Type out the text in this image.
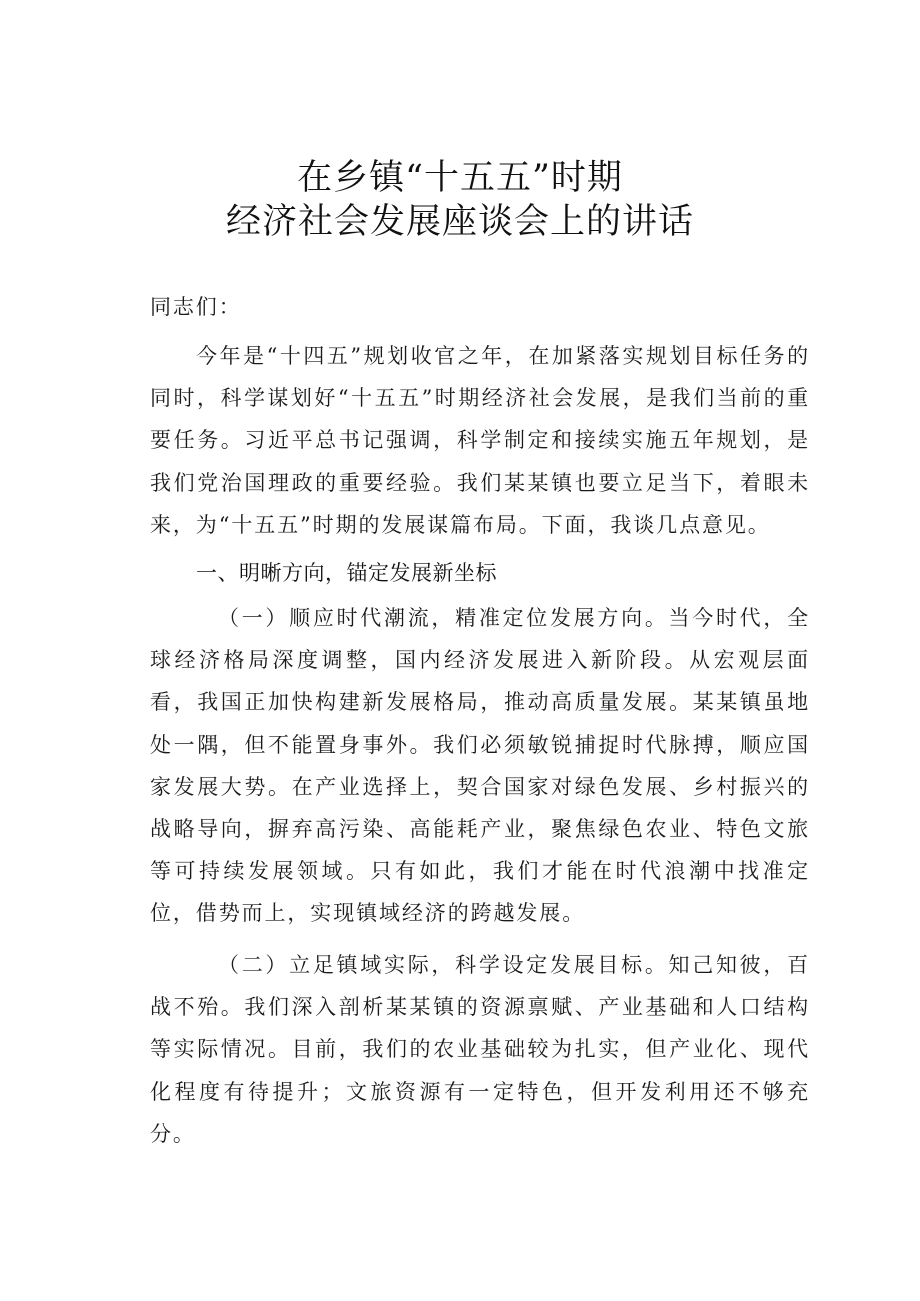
在乡镇“十五五”时期
经济社会发展座谈会上的讲话

同志们：

今年是“十四五”规划收官之年，在加紧落实规划目标任务的同时，科学谋划好“十五五”时期经济社会发展，是我们当前的重要任务。习近平总书记强调，科学制定和接续实施五年规划，是我们党治国理政的重要经验。我们某某镇也要立足当下，着眼未来，为“十五五”时期的发展谋篇布局。下面，我谈几点意见。

一、明晰方向，锚定发展新坐标

（一）顺应时代潮流，精准定位发展方向。当今时代，全球经济格局深度调整，国内经济发展进入新阶段。从宏观层面看，我国正加快构建新发展格局，推动高质量发展。某某镇虽地处一隅，但不能置身事外。我们必须敏锐捕捉时代脉搏，顺应国家发展大势。在产业选择上，契合国家对绿色发展、乡村振兴的战略导向，摒弃高污染、高能耗产业，聚焦绿色农业、特色文旅等可持续发展领域。只有如此，我们才能在时代浪潮中找准定位，借势而上，实现镇域经济的跨越发展。

（二）立足镇域实际，科学设定发展目标。知己知彼，百战不殆。我们深入剖析某某镇的资源禀赋、产业基础和人口结构等实际情况。目前，我们的农业基础较为扎实，但产业化、现代化程度有待提升；文旅资源有一定特色，但开发利用还不够充分。
